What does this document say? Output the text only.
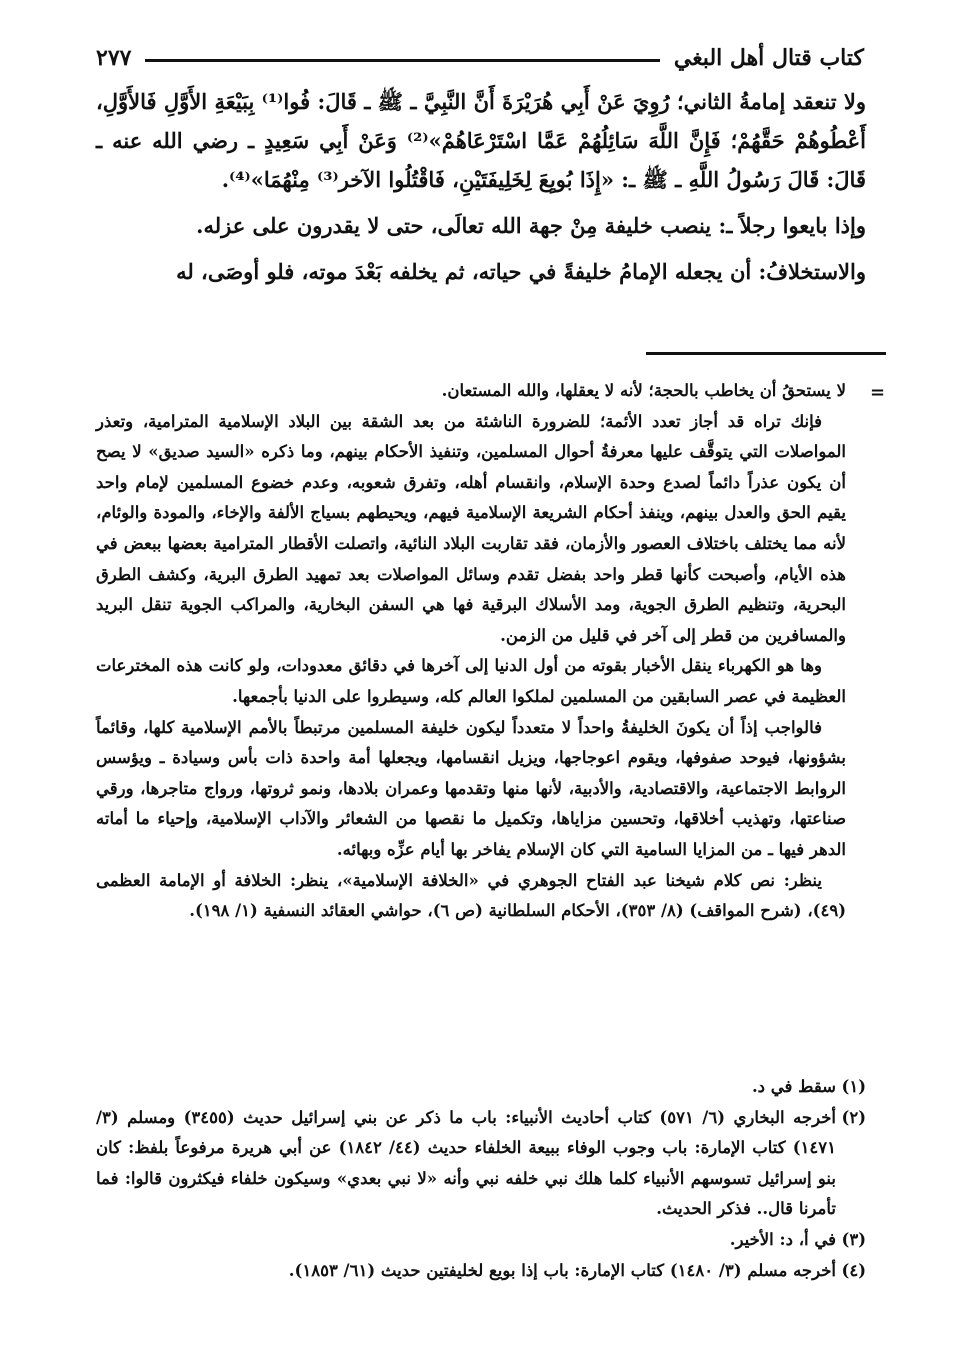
كتاب قتال أهل البغي
٢٧٧

ولا تنعقد إمامةُ الثاني؛ رُوِيَ عَنْ أَبِي هُرَيْرَةَ أَنَّ النَّبِيَّ ـ ﷺ ـ قَالَ: فُوا⁽¹⁾ بِبَيْعَةِ الأَوَّلِ فَالأَوَّلِ، أَعْطُوهُمْ حَقَّهُمْ؛ فَإِنَّ اللَّهَ سَائِلُهُمْ عَمَّا اسْتَرْعَاهُمْ»⁽²⁾ وَعَنْ أَبِي سَعِيدٍ ـ رضي الله عنه ـ قَالَ: قَالَ رَسُولُ اللَّهِ ـ ﷺ ـ: «إِذَا بُويِعَ لِخَلِيفَتَيْنِ، فَاقْتُلُوا الآخر⁽³⁾ مِنْهُمَا»⁽⁴⁾.

وإذا بايعوا رجلاً ـ: ينصب خليفة مِنْ جهة الله تعالَى، حتى لا يقدرون على عزله.

والاستخلافُ: أن يجعله الإمامُ خليفةً في حياته، ثم يخلفه بَعْدَ موته، فلو أوصَى، له

=

لا يستحقُ أن يخاطب بالحجة؛ لأنه لا يعقلها، والله المستعان.

فإنك تراه قد أجاز تعدد الأئمة؛ للضرورة الناشئة من بعد الشقة بين البلاد الإسلامية المترامية، وتعذر المواصلات التي يتوقَّف عليها معرفةُ أحوال المسلمين، وتنفيذ الأحكام بينهم، وما ذكره «السيد صديق» لا يصح أن يكون عذراً دائماً لصدع وحدة الإسلام، وانقسام أهله، وتفرق شعوبه، وعدم خضوع المسلمين لإمام واحد يقيم الحق والعدل بينهم، وينفذ أحكام الشريعة الإسلامية فيهم، ويحيطهم بسياج الألفة والإخاء، والمودة والوئام، لأنه مما يختلف باختلاف العصور والأزمان، فقد تقاربت البلاد النائية، واتصلت الأقطار المترامية بعضها ببعض في هذه الأيام، وأصبحت كأنها قطر واحد بفضل تقدم وسائل المواصلات بعد تمهيد الطرق البرية، وكشف الطرق البحرية، وتنظيم الطرق الجوية، ومد الأسلاك البرقية فها هي السفن البخارية، والمراكب الجوية تنقل البريد والمسافرين من قطر إلى آخر في قليل من الزمن.

وها هو الكهرباء ينقل الأخبار بقوته من أول الدنيا إلى آخرها في دقائق معدودات، ولو كانت هذه المخترعات العظيمة في عصر السابقين من المسلمين لملكوا العالم كله، وسيطروا على الدنيا بأجمعها.

فالواجب إذاً أن يكونَ الخليفةُ واحداً لا متعدداً ليكون خليفة المسلمين مرتبطاً بالأمم الإسلامية كلها، وقائماً بشؤونها، فيوحد صفوفها، ويقوم اعوجاجها، ويزيل انقسامها، ويجعلها أمة واحدة ذات بأس وسيادة ـ ويؤسس الروابط الاجتماعية، والاقتصادية، والأدبية، لأنها منها وتقدمها وعمران بلادها، ونمو ثروتها، ورواج متاجرها، ورقي صناعتها، وتهذيب أخلاقها، وتحسين مزاياها، وتكميل ما نقصها من الشعائر والآداب الإسلامية، وإحياء ما أماته الدهر فيها ـ من المزايا السامية التي كان الإسلام يفاخر بها أيام عزِّه وبهائه.

ينظر: نص كلام شيخنا عبد الفتاح الجوهري في «الخلافة الإسلامية»، ينظر: الخلافة أو الإمامة العظمى (٤٩)، (شرح المواقف) (٨/ ٣٥٣)، الأحكام السلطانية (ص ٦)، حواشي العقائد النسفية (١/ ١٩٨).

(١)
سقط في د.
(٢)
أخرجه البخاري (٦/ ٥٧١) كتاب أحاديث الأنبياء: باب ما ذكر عن بني إسرائيل حديث (٣٤٥٥) ومسلم (٣/ ١٤٧١) كتاب الإمارة: باب وجوب الوفاء ببيعة الخلفاء حديث (٤٤/ ١٨٤٢) عن أبي هريرة مرفوعاً بلفظ: كان بنو إسرائيل تسوسهم الأنبياء كلما هلك نبي خلفه نبي وأنه «لا نبي بعدي» وسيكون خلفاء فيكثرون قالوا: فما تأمرنا قال.. فذكر الحديث.
(٣)
في أ، د: الأخير.
(٤)
أخرجه مسلم (٣/ ١٤٨٠) كتاب الإمارة: باب إذا بويع لخليفتين حديث (٦١/ ١٨٥٣).
